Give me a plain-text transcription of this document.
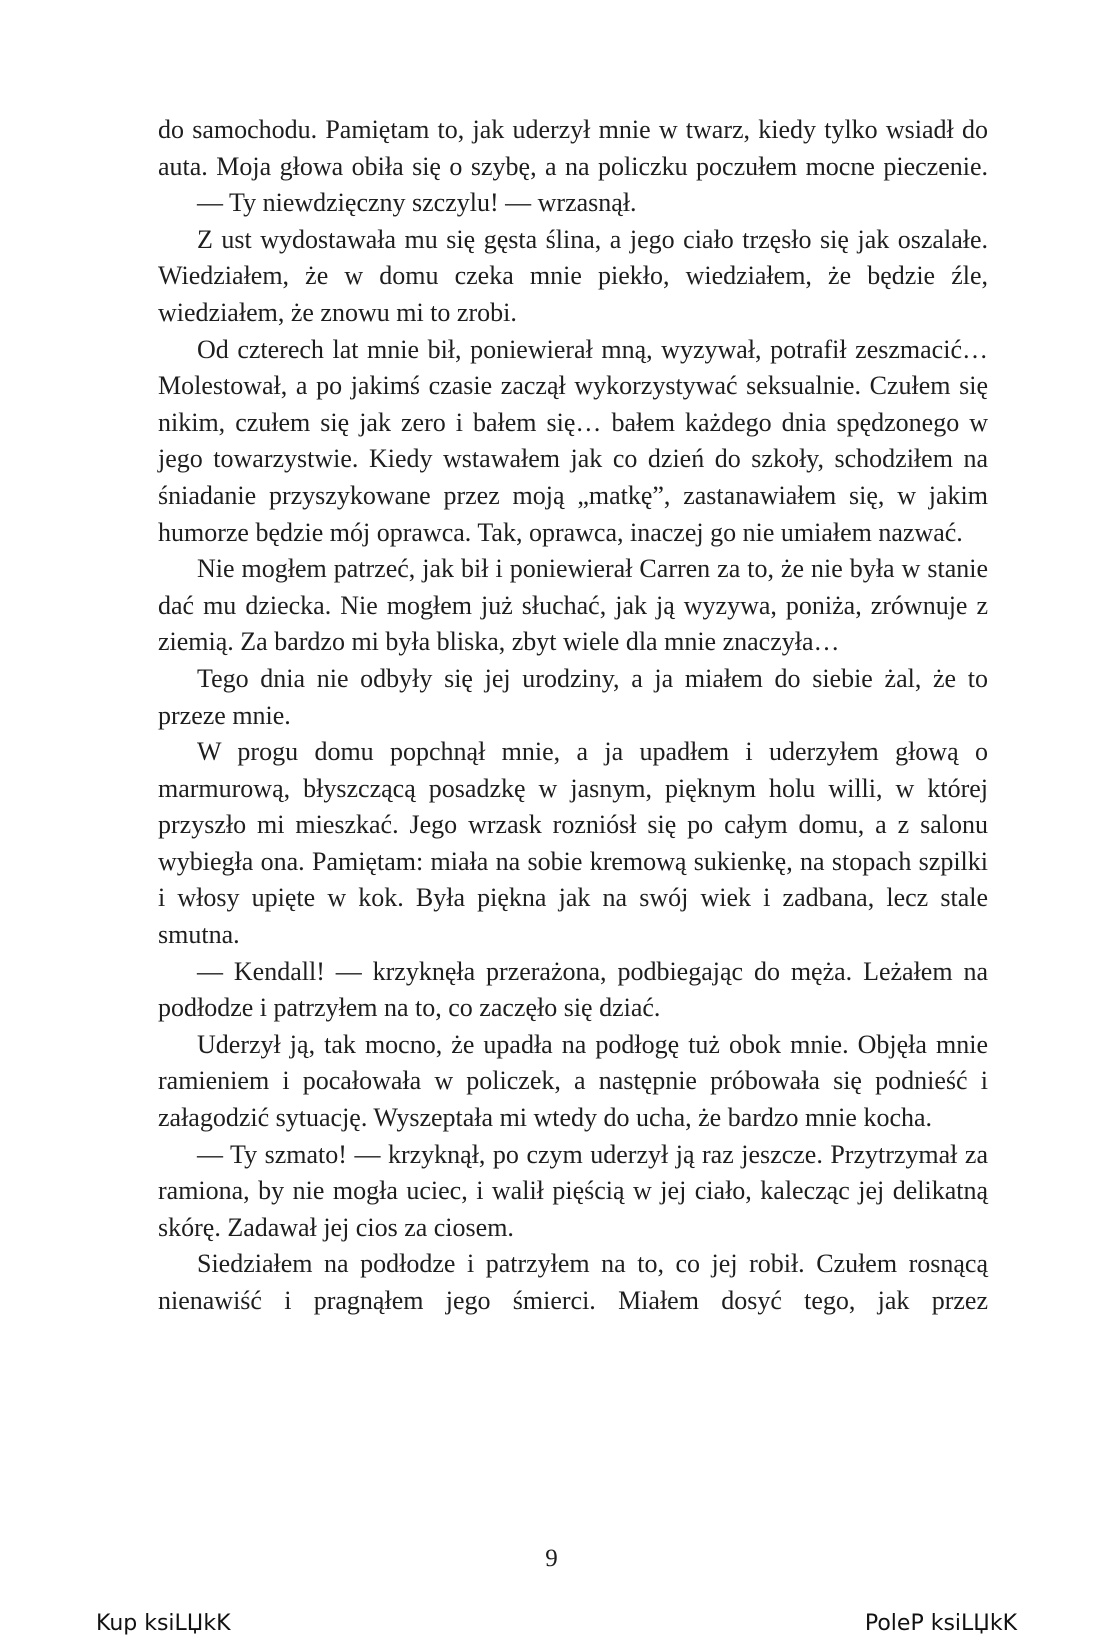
do samochodu. Pamiętam to, jak uderzył mnie w twarz, kiedy tylko wsiadł do auta. Moja głowa obiła się o szybę, a na policzku poczułem mocne pieczenie.

— Ty niewdzięczny szczylu! — wrzasnął.

Z ust wydostawała mu się gęsta ślina, a jego ciało trzęsło się jak oszalałe. Wiedziałem, że w domu czeka mnie piekło, wiedziałem, że będzie źle, wiedziałem, że znowu mi to zrobi.

Od czterech lat mnie bił, poniewierał mną, wyzywał, potrafił zeszmacić… Molestował, a po jakimś czasie zaczął wykorzystywać seksualnie. Czułem się nikim, czułem się jak zero i bałem się… bałem każdego dnia spędzonego w jego towarzystwie. Kiedy wstawałem jak co dzień do szkoły, schodziłem na śniadanie przyszykowane przez moją „matkę”, zastanawiałem się, w jakim humorze będzie mój oprawca. Tak, oprawca, inaczej go nie umiałem nazwać.

Nie mogłem patrzeć, jak bił i poniewierał Carren za to, że nie była w stanie dać mu dziecka. Nie mogłem już słuchać, jak ją wyzywa, poniża, zrównuje z ziemią. Za bardzo mi była bliska, zbyt wiele dla mnie znaczyła…

Tego dnia nie odbyły się jej urodziny, a ja miałem do siebie żal, że to przeze mnie.

W progu domu popchnął mnie, a ja upadłem i uderzyłem głową o marmurową, błyszczącą posadzkę w jasnym, pięknym holu willi, w której przyszło mi mieszkać. Jego wrzask rozniósł się po całym domu, a z salonu wybiegła ona. Pamiętam: miała na sobie kremową sukienkę, na stopach szpilki i włosy upięte w kok. Była piękna jak na swój wiek i zadbana, lecz stale smutna.

— Kendall! — krzyknęła przerażona, podbiegając do męża. Leżałem na podłodze i patrzyłem na to, co zaczęło się dziać.

Uderzył ją, tak mocno, że upadła na podłogę tuż obok mnie. Objęła mnie ramieniem i pocałowała w policzek, a następnie próbowała się podnieść i załagodzić sytuację. Wyszeptała mi wtedy do ucha, że bardzo mnie kocha.

— Ty szmato! — krzyknął, po czym uderzył ją raz jeszcze. Przytrzymał za ramiona, by nie mogła uciec, i walił pięścią w jej ciało, kalecząc jej delikatną skórę. Zadawał jej cios za ciosem.

Siedziałem na podłodze i patrzyłem na to, co jej robił. Czułem rosnącą nienawiść i pragnąłem jego śmierci. Miałem dosyć tego, jak przez

9
Kup ksiLЏkK	PoleP ksiLЏkK
